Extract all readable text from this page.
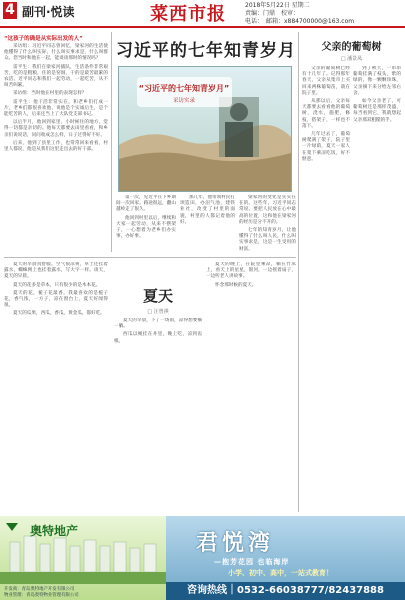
4 副刊·悦读	菜西市报	2018年5月22日 星期二
责编：门鼎　校审：
电话：　邮箱：x884700000@163.com

“这孩子的确是从实际出发的人”

采访组：习近平同志曾回忆，梁家河的生活使他懂得了什么叫实际，什么叫实事求是，什么叫群众。您当时和他在一起，能谈谈那时的情况吗？

雷平生：我们在梁家河插队，生活条件非常艰苦，吃的是粗粮，住的是窑洞，干的是最苦最累的农活。近平同志和我们一起劳动，一起吃苦，从不叫苦叫累。

采访组：当时他在村里的表现怎样？

雷平生：他干活非常实在，和老乡们打成一片，老乡们都很喜欢他，说他是个实诚后生，是个能吃苦的人，后来还当上了大队党支部书记。

以后半月，他回到家里，小时候住的地方，觉得一切都是亲切的。他每天都要去田里看看，和乡亲们说说话，问问收成怎么样，日子过得好不好。

后来，他到了县里工作，也常常回来看看，村里人都说，他是从我们这里走出去的好干部。

习近平的七年知青岁月
“习近平的七年知青岁月”
采访实录

第一次，见近平在下乡期间一次回家。路途很远，翻山越岭走了很久。

他回到村里以后，继续和大家一起劳动，从来不摆架子，一心想着为老乡们办实事、办好事。

那几年，他带领村民打坝造田，办沼气池，建铁业社，改变了村里的面貌，村里的人都记着他的好。

梁家河的变化是实实在在的。这些年，习近平同志常说，要把人民放在心中最高的位置，这和他在梁家河的经历是分不开的。

七年的知青岁月，让他懂得了什么叫人民，什么叫实事求是，这是一生受用的财富。

父亲的葡萄树
□ 潘景凤

父亲的葡萄树已经有十几年了。记得那年春天，父亲从集市上买回来两株葡萄苗，栽在院子里。

从那以后，父亲每天都要去看看他的葡萄树，浇水，施肥，修枝，搭架子，一样也不落下。

几年过去了，葡萄树爬满了架子，院子里一片绿荫，夏天一家人在架下乘凉吃饭，好不惬意。

到了秋天，一串串葡萄挂满了枝头，紫的绿的，像一颗颗珍珠，父亲摘下来分给左邻右舍。

如今父亲老了，可葡萄树还是那样茂盛，每当看到它，我就想起父亲那双粗糙的手。

夏天
□ 汪曾祺

夏天的早晨真舒服。空气很凉爽，草上还挂着露水，蜘蛛网上也挂着露水，写大字一样。谈天，夏天的早晨。

夏天的花多是草本，只有很少的是木本花。

夏天的花，栀子花最香，我最喜欢的是栀子花，香气浓，一方子，凉在窗台上，夏天好闻得很。

夏天的瓜果，西瓜，香瓜，黄金瓜，都好吃。

夏天的早晨，下了一场雨，凉得想要躺一躺。

西瓜以绳挂在井里，晚上吃，凉到齿根。

夏天的晚上，在院里乘凉，躺在竹床上，看天上的星星，银河，一边摇着扇子，一边听老人讲故事。

怀念那时候的夏天。

奥特地产
开发商：青岛奥特地产开发有限公司
物业管理：青岛奥特物业管理有限公司
君悦湾
—抱芳花园 也临海岸
小学、初中、高中，一站式教育！
咨询热线｜0532-66038777/82437888
